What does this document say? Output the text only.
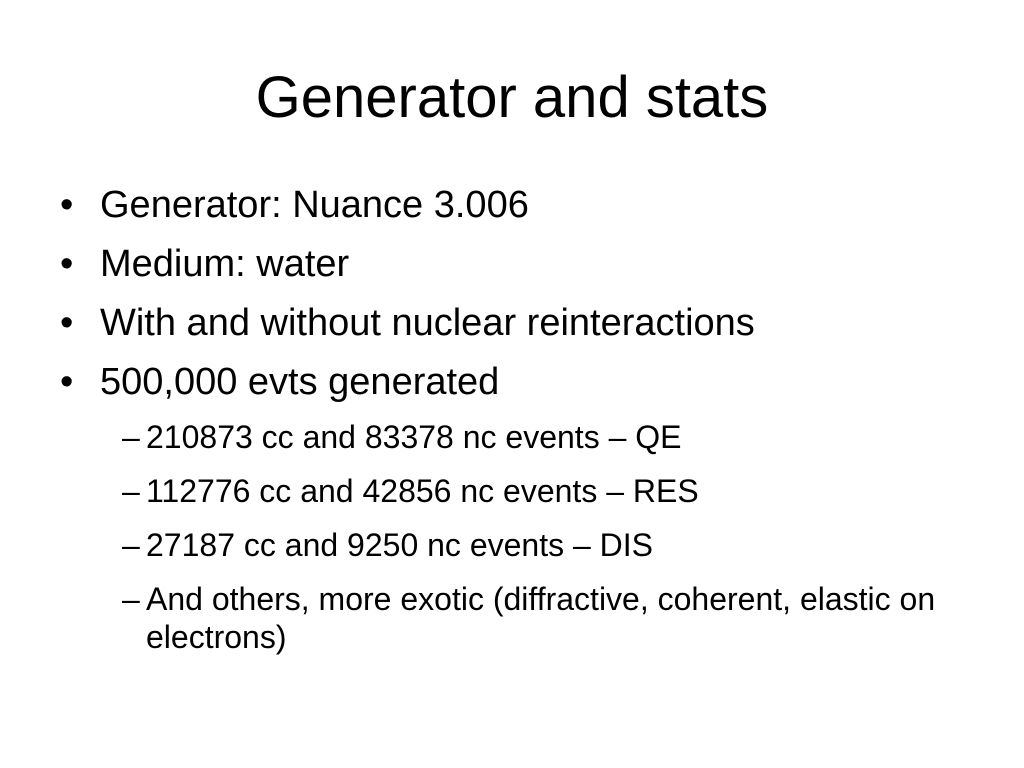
Generator and stats
• Generator: Nuance 3.006
• Medium: water
• With and without nuclear reinteractions
• 500,000 evts generated
– 210873 cc and 83378 nc events – QE
– 112776 cc and 42856 nc events – RES
– 27187 cc and 9250 nc events – DIS
– And others, more exotic (diffractive, coherent, elastic on electrons)
